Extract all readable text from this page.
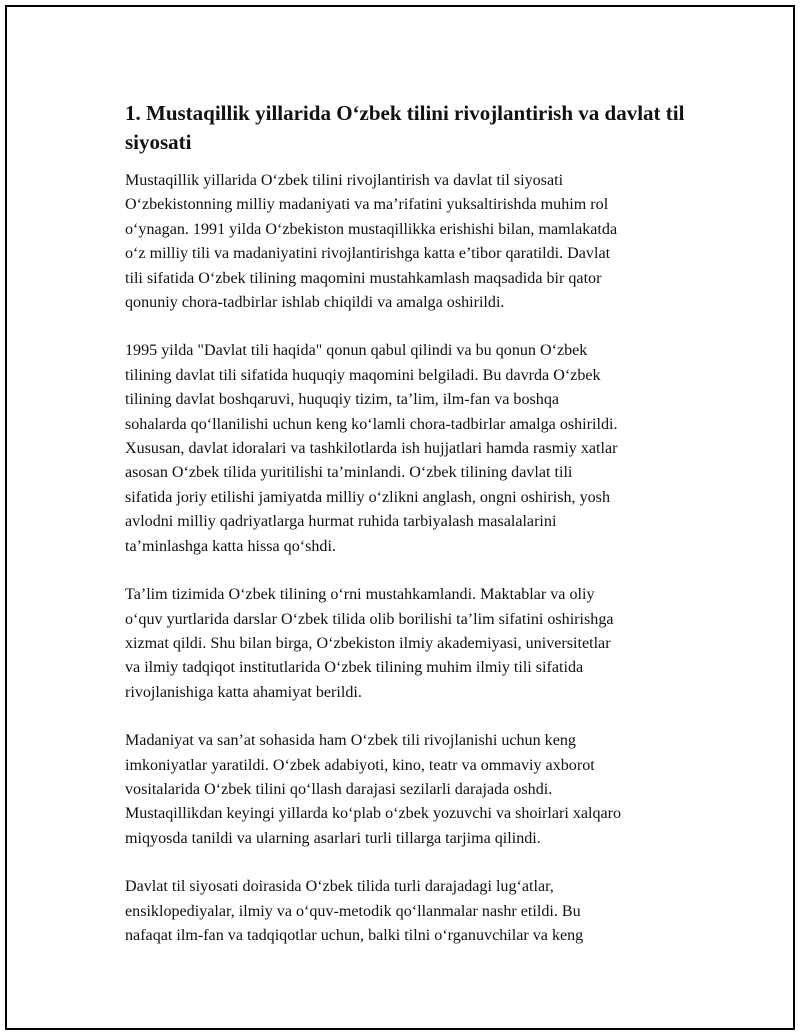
1. Mustaqillik yillarida O‘zbek tilini rivojlantirish va davlat til
siyosati

Mustaqillik yillarida O‘zbek tilini rivojlantirish va davlat til siyosati

O‘zbekistonning milliy madaniyati va ma’rifatini yuksaltirishda muhim rol

o‘ynagan. 1991 yilda O‘zbekiston mustaqillikka erishishi bilan, mamlakatda

o‘z milliy tili va madaniyatini rivojlantirishga katta e’tibor qaratildi. Davlat

tili sifatida O‘zbek tilining maqomini mustahkamlash maqsadida bir qator

qonuniy chora-tadbirlar ishlab chiqildi va amalga oshirildi.

1995 yilda "Davlat tili haqida" qonun qabul qilindi va bu qonun O‘zbek

tilining davlat tili sifatida huquqiy maqomini belgiladi. Bu davrda O‘zbek

tilining davlat boshqaruvi, huquqiy tizim, ta’lim, ilm-fan va boshqa

sohalarda qo‘llanilishi uchun keng ko‘lamli chora-tadbirlar amalga oshirildi.

Xususan, davlat idoralari va tashkilotlarda ish hujjatlari hamda rasmiy xatlar

asosan O‘zbek tilida yuritilishi ta’minlandi. O‘zbek tilining davlat tili

sifatida joriy etilishi jamiyatda milliy o‘zlikni anglash, ongni oshirish, yosh

avlodni milliy qadriyatlarga hurmat ruhida tarbiyalash masalalarini

ta’minlashga katta hissa qo‘shdi.

Ta’lim tizimida O‘zbek tilining o‘rni mustahkamlandi. Maktablar va oliy

o‘quv yurtlarida darslar O‘zbek tilida olib borilishi ta’lim sifatini oshirishga

xizmat qildi. Shu bilan birga, O‘zbekiston ilmiy akademiyasi, universitetlar

va ilmiy tadqiqot institutlarida O‘zbek tilining muhim ilmiy tili sifatida

rivojlanishiga katta ahamiyat berildi.

Madaniyat va san’at sohasida ham O‘zbek tili rivojlanishi uchun keng

imkoniyatlar yaratildi. O‘zbek adabiyoti, kino, teatr va ommaviy axborot

vositalarida O‘zbek tilini qo‘llash darajasi sezilarli darajada oshdi.

Mustaqillikdan keyingi yillarda ko‘plab o‘zbek yozuvchi va shoirlari xalqaro

miqyosda tanildi va ularning asarlari turli tillarga tarjima qilindi.

Davlat til siyosati doirasida O‘zbek tilida turli darajadagi lug‘atlar,

ensiklopediyalar, ilmiy va o‘quv-metodik qo‘llanmalar nashr etildi. Bu

nafaqat ilm-fan va tadqiqotlar uchun, balki tilni o‘rganuvchilar va keng
